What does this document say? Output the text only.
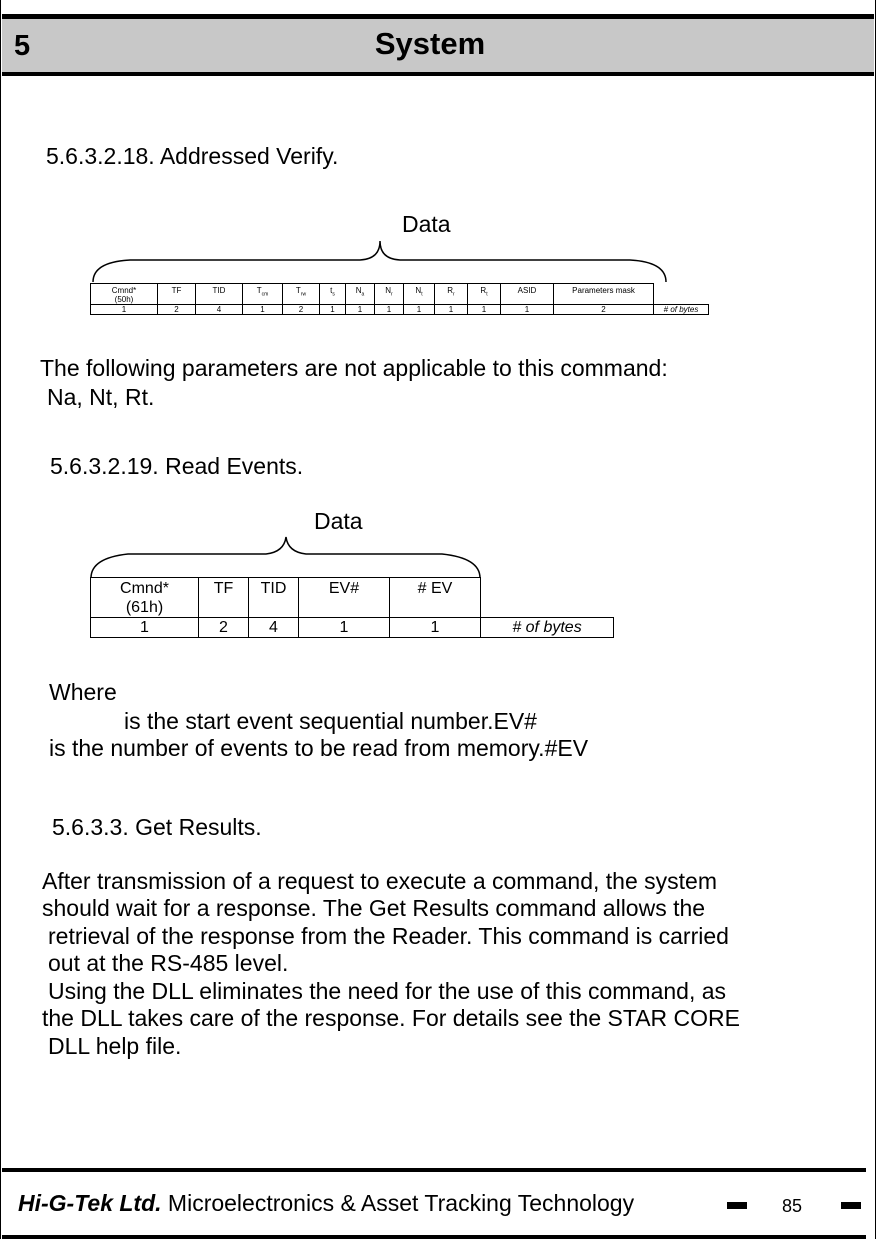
5	System
5.6.3.2.18. Addressed Verify.
Data
Cmnd*
(50h)	TF	TID	$T_{cm}$	$T_{rw}$	$t_s$	$N_a$	$N_r$	$N_t$	$R_r$	$R_t$	ASID	Parameters mask	
1	2	4	1	2	1	1	1	1	1	1	1	2	# of bytes
The following parameters are not applicable to this command:
Na, Nt, Rt.
5.6.3.2.19. Read Events.
Data
Cmnd*
(61h)	TF	TID	EV#	# EV	
1	2	4	1	1	# of bytes
Where
is the start event sequential number.EV#
is the number of events to be read from memory.#EV
5.6.3.3. Get Results.
After transmission of a request to execute a command, the system
should wait for a response. The Get Results command allows the
retrieval of the response from the Reader. This command is carried
out at the RS-485 level.
Using the DLL eliminates the need for the use of this command, as
the DLL takes care of the response. For details see the STAR CORE
DLL help file.
Hi-G-Tek Ltd. Microelectronics & Asset Tracking Technology	85
